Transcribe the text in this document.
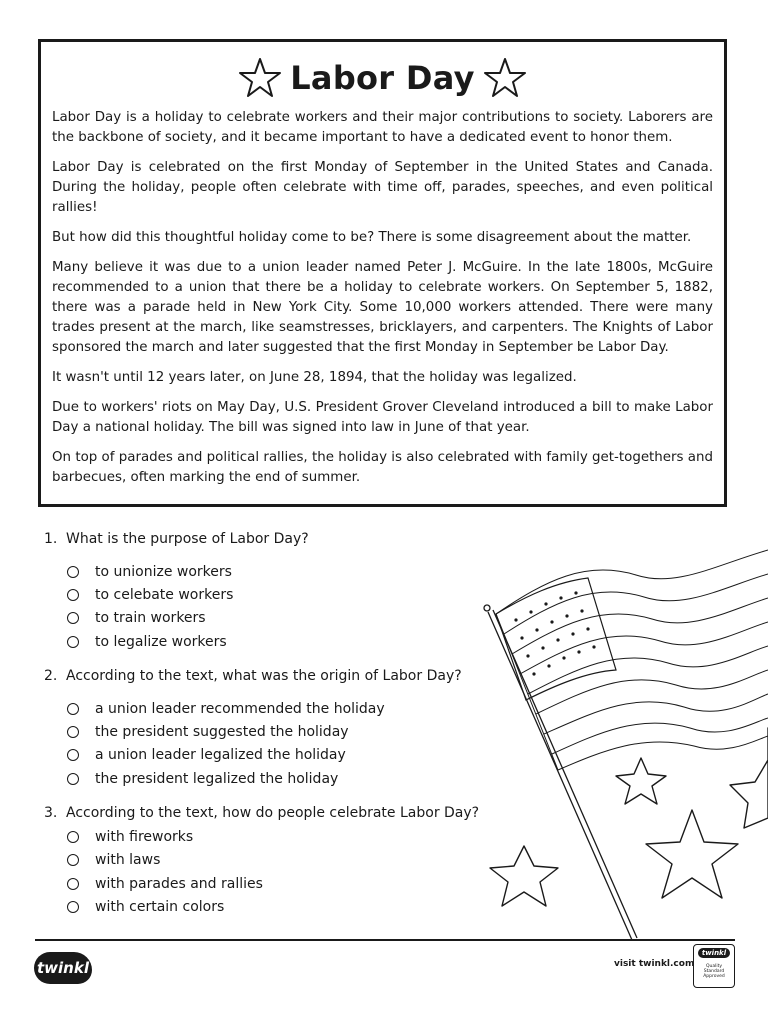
Labor Day

Labor Day is a holiday to celebrate workers and their major contributions to society. Laborers are the backbone of society, and it became important to have a dedicated event to honor them.

Labor Day is celebrated on the first Monday of September in the United States and Canada. During the holiday, people often celebrate with time off, parades, speeches, and even political rallies!

But how did this thoughtful holiday come to be? There is some disagreement about the matter.

Many believe it was due to a union leader named Peter J. McGuire. In the late 1800s, McGuire recommended to a union that there be a holiday to celebrate workers. On September 5, 1882, there was a parade held in New York City. Some 10,000 workers attended. There were many trades present at the march, like seamstresses, bricklayers, and carpenters. The Knights of Labor sponsored the march and later suggested that the first Monday in September be Labor Day.

It wasn't until 12 years later, on June 28, 1894, that the holiday was legalized.

Due to workers' riots on May Day, U.S. President Grover Cleveland introduced a bill to make Labor Day a national holiday. The bill was signed into law in June of that year.

On top of parades and political rallies, the holiday is also celebrated with family get-togethers and barbecues, often marking the end of summer.

1. What is the purpose of Labor Day?
to unionize workers
to celebate workers
to train workers
to legalize workers
2. According to the text, what was the origin of Labor Day?
a union leader recommended the holiday
the president suggested the holiday
a union leader legalized the holiday
the president legalized the holiday
3. According to the text, how do people celebrate Labor Day?
with fireworks
with laws
with parades and rallies
with certain colors
twinkl	visit twinkl.com
twinkl
Quality Standard Approved
